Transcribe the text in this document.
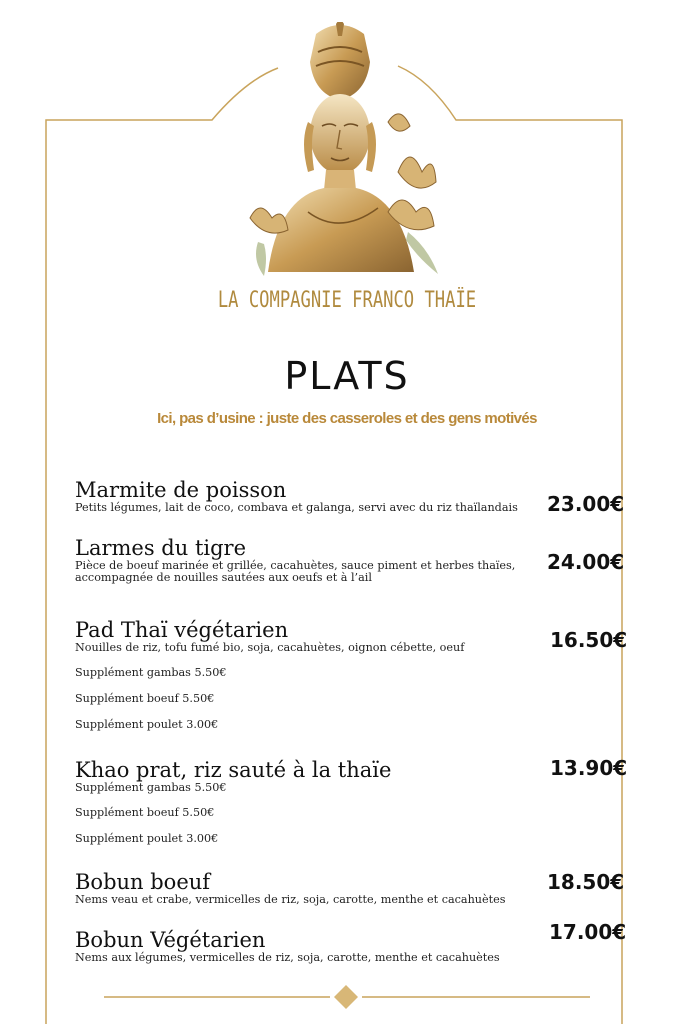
LA COMPAGNIE FRANCO THAÏE
PLATS
Ici, pas d’usine : juste des casseroles et des gens motivés
Marmite de poisson
Petits légumes, lait de coco, combava et galanga, servi avec du riz thaïlandais	23.00€
Larmes du tigre
Pièce de boeuf marinée et grillée, cacahuètes, sauce piment et herbes thaïes,
accompagnée de nouilles sautées aux oeufs et à l’ail
24.00€
Pad Thaï végétarien
Nouilles de riz, tofu fumé bio, soja, cacahuètes, oignon cébette, oeuf	16.50€
Supplément gambas 5.50€
Supplément boeuf 5.50€
Supplément poulet 3.00€
Khao prat, riz sauté à la thaïe
Supplément gambas 5.50€
13.90€
Supplément boeuf 5.50€
Supplément poulet 3.00€
Bobun boeuf
Nems veau et crabe, vermicelles de riz, soja, carotte, menthe et cacahuètes
18.50€
Bobun Végétarien
Nems aux légumes, vermicelles de riz, soja, carotte, menthe et cacahuètes
17.00€
